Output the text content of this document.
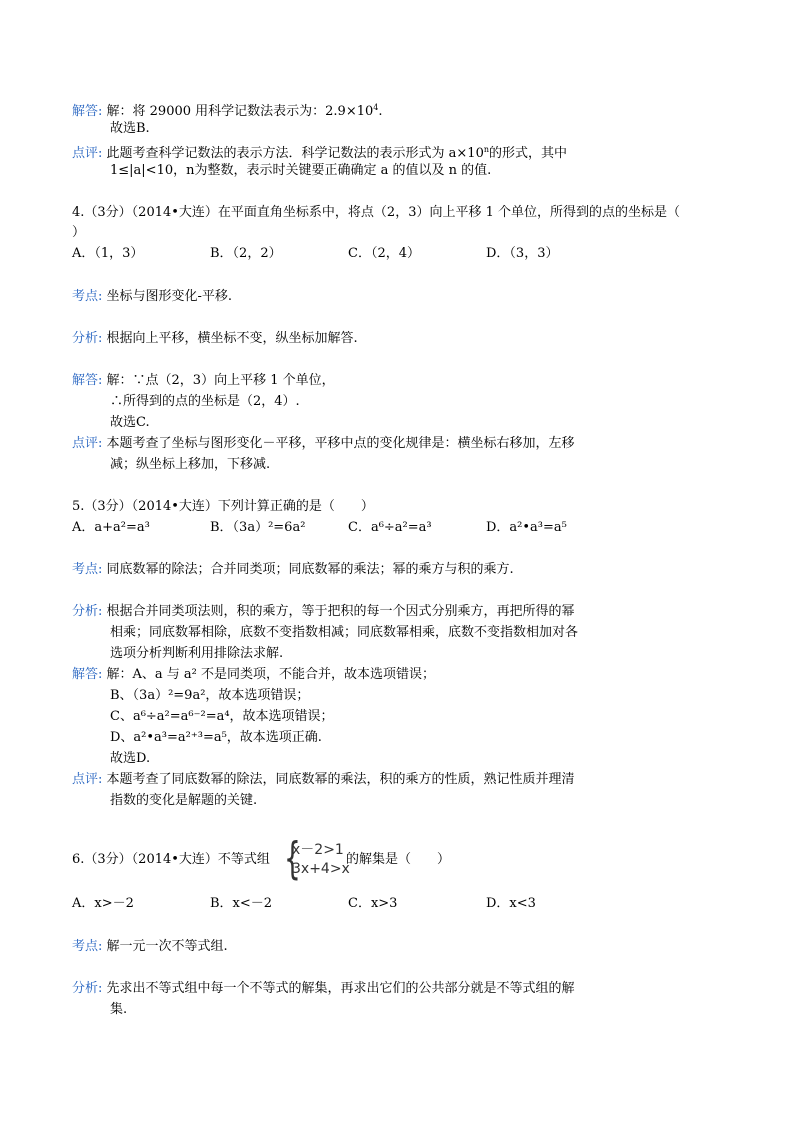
解答: 解：将 29000 用科学记数法表示为：$2.9\times 10^4$.
故选B.
点评: 此题考查科学记数法的表示方法．科学记数法的表示形式为 $a\times 10^n$的形式，其中
1≤|a|<10，n为整数，表示时关键要正确确定 a 的值以及 n 的值.
4.（3分）（2014•大连）在平面直角坐标系中，将点（2，3）向上平移 1 个单位，所得到的点的坐标是（
）
A．（1，3）	B．（2，2）	C．（2，4）	D．（3，3）
考点: 坐标与图形变化-平移.
分析: 根据向上平移，横坐标不变，纵坐标加解答.
解答: 解：∵点（2，3）向上平移 1 个单位，
∴所得到的点的坐标是（2，4）.
故选C.
点评: 本题考查了坐标与图形变化－平移，平移中点的变化规律是：横坐标右移加，左移
减；纵坐标上移加，下移减.
5.（3分）（2014•大连）下列计算正确的是（　　）
A．a+a²=a³	B．（3a）²=6a²	C．a⁶÷a²=a³	D．a²•a³=a⁵
考点: 同底数幂的除法；合并同类项；同底数幂的乘法；幂的乘方与积的乘方.
分析: 根据合并同类项法则，积的乘方，等于把积的每一个因式分别乘方，再把所得的幂
相乘；同底数幂相除，底数不变指数相减；同底数幂相乘，底数不变指数相加对各
选项分析判断利用排除法求解.
解答: 解：A、a 与 a² 不是同类项，不能合并，故本选项错误；
B、（3a）²=9a²，故本选项错误；
C、a⁶÷a²=a⁶⁻²=a⁴，故本选项错误；
D、a²•a³=a²⁺³=a⁵，故本选项正确.
故选D.
点评: 本题考查了同底数幂的除法，同底数幂的乘法，积的乘方的性质，熟记性质并理清
指数的变化是解题的关键.
6.（3分）（2014•大连）不等式组 {
x－2>1
3x+4>x
的解集是（　　）
A．x>－2	B．x<－2	C．x>3	D．x<3
考点: 解一元一次不等式组.
分析: 先求出不等式组中每一个不等式的解集，再求出它们的公共部分就是不等式组的解
集.
